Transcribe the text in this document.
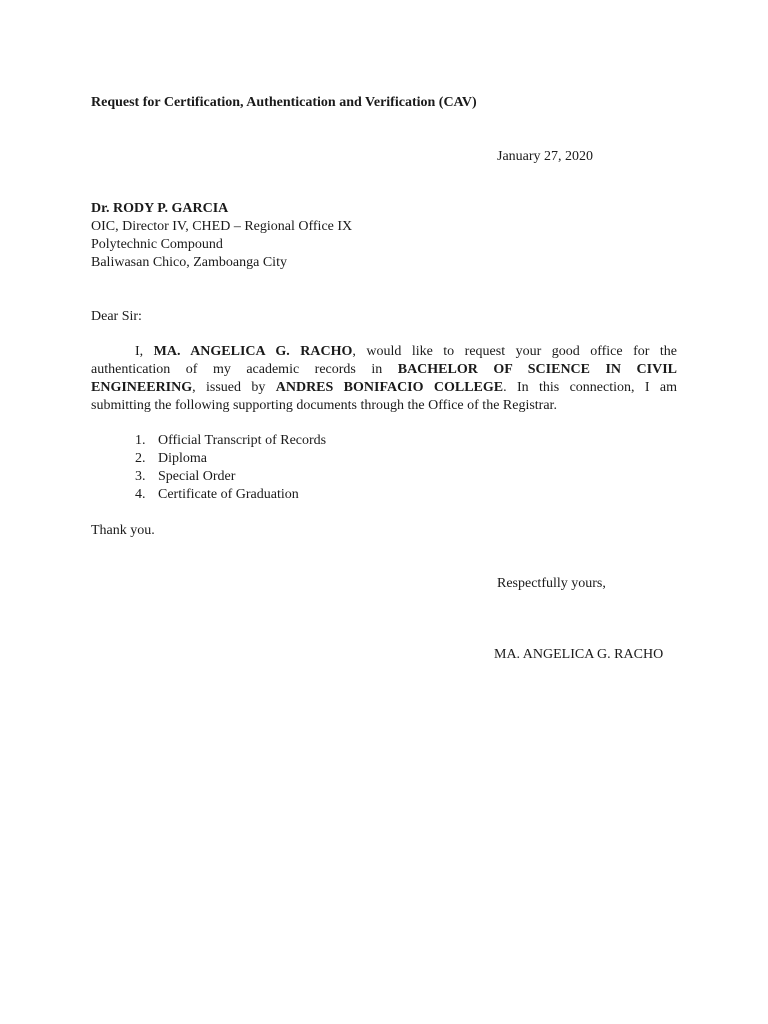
Request for Certification, Authentication and Verification (CAV)
January 27, 2020
Dr. RODY P. GARCIA
OIC, Director IV, CHED – Regional Office IX
Polytechnic Compound
Baliwasan Chico, Zamboanga City
Dear Sir:
I, MA. ANGELICA G. RACHO, would like to request your good office for the
authentication of my academic records in BACHELOR OF SCIENCE IN CIVIL
ENGINEERING, issued by ANDRES BONIFACIO COLLEGE. In this connection, I am
submitting the following supporting documents through the Office of the Registrar.
1. Official Transcript of Records
2. Diploma
3. Special Order
4. Certificate of Graduation
Thank you.
Respectfully yours,
MA. ANGELICA G. RACHO
